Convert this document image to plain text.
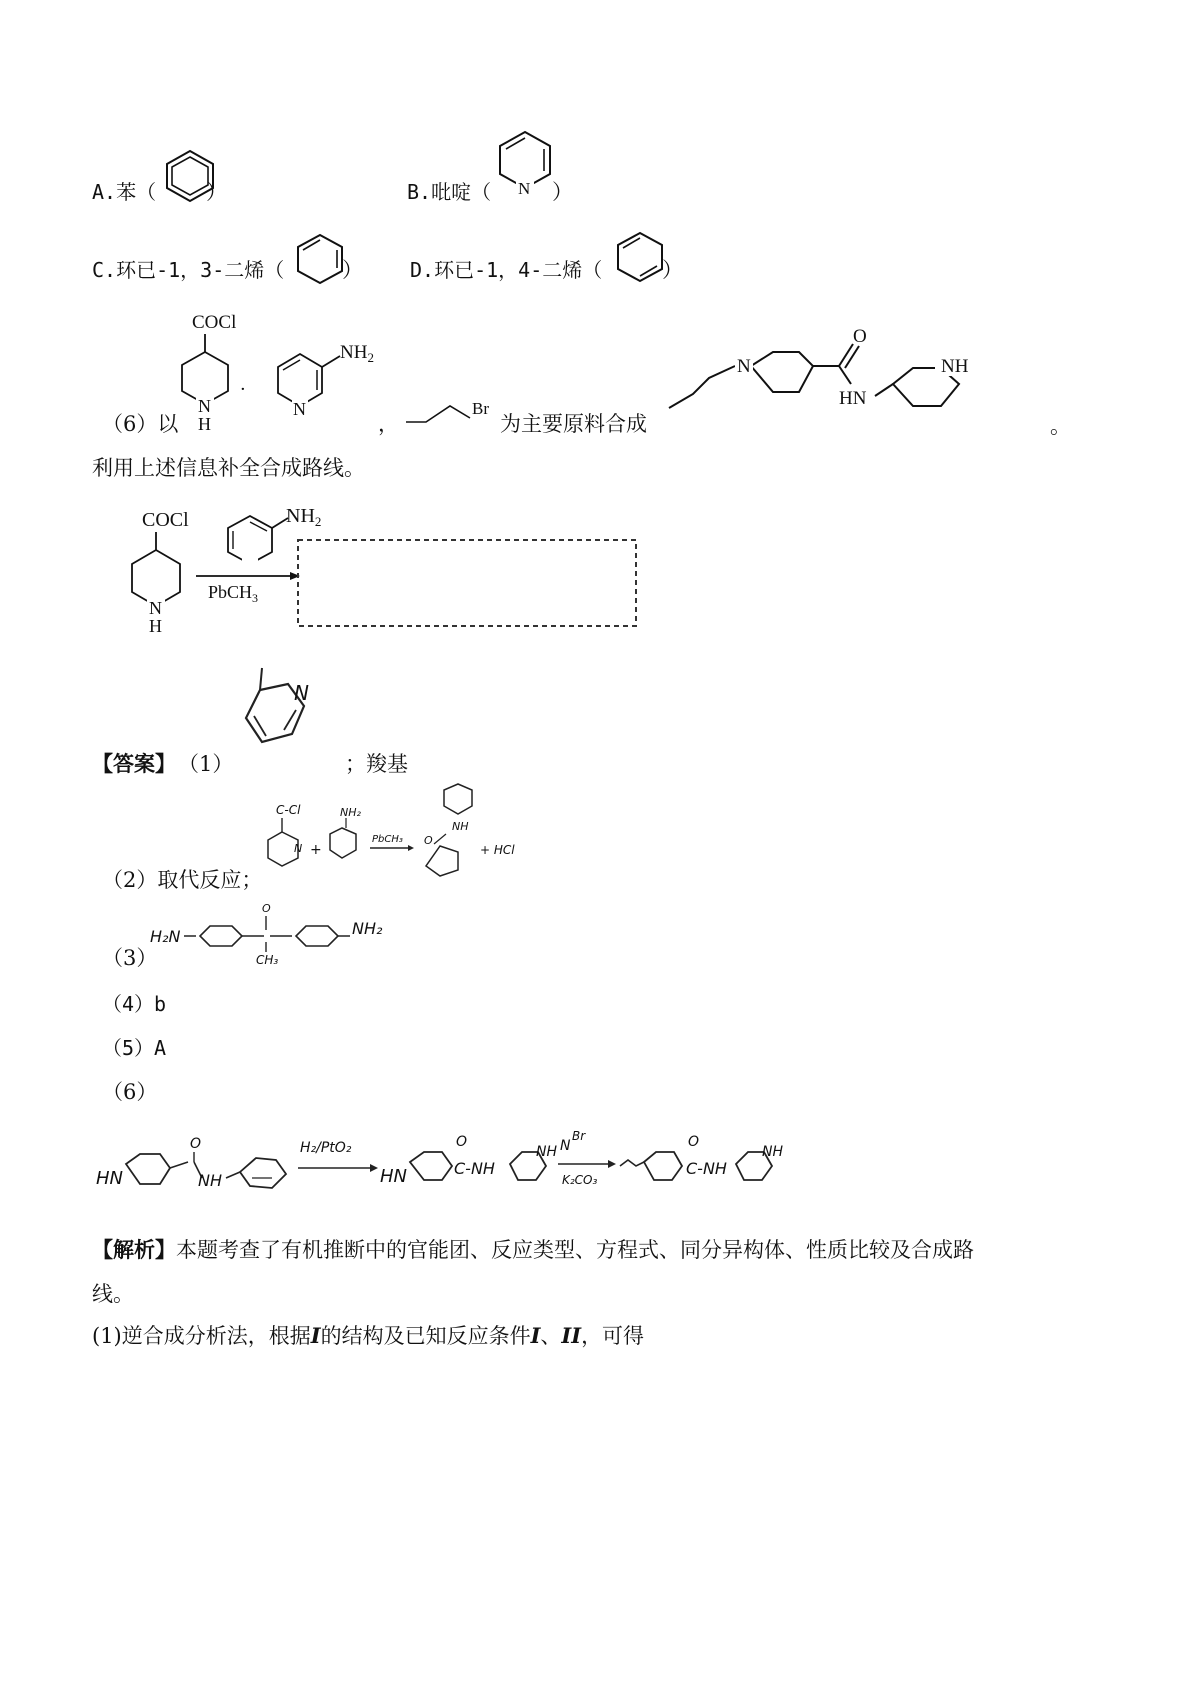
A.苯（ ）	B.吡啶（ N ）
C.环已-1，3-二烯（	） D.环已-1，4-二烯（	）
COCl
N
H
·
$NH_2$
N
（6）以	，
Br
为主要原料合成
N
O
HN
NH
。
利用上述信息补全合成路线。
COCl
N
H
$NH_2$
PbCH$_3$
N
【答案】 （1）	；羧基
C-Cl
N +
NH₂
PbCH₃
NH
O
+ HCl
（2）取代反应；
H₂N
O
CH₃
NH₂
（3）
（4）b
（5）A
（6）
HN
O
NH
H₂/PtO₂
HN
O
C-NH
NH N
Br
K₂CO₃
O
C-NH
NH
【解析】本题考查了有机推断中的官能团、反应类型、方程式、同分异构体、性质比较及合成路
线。
(1)逆合成分析法，根据I的结构及已知反应条件I、II，可得
